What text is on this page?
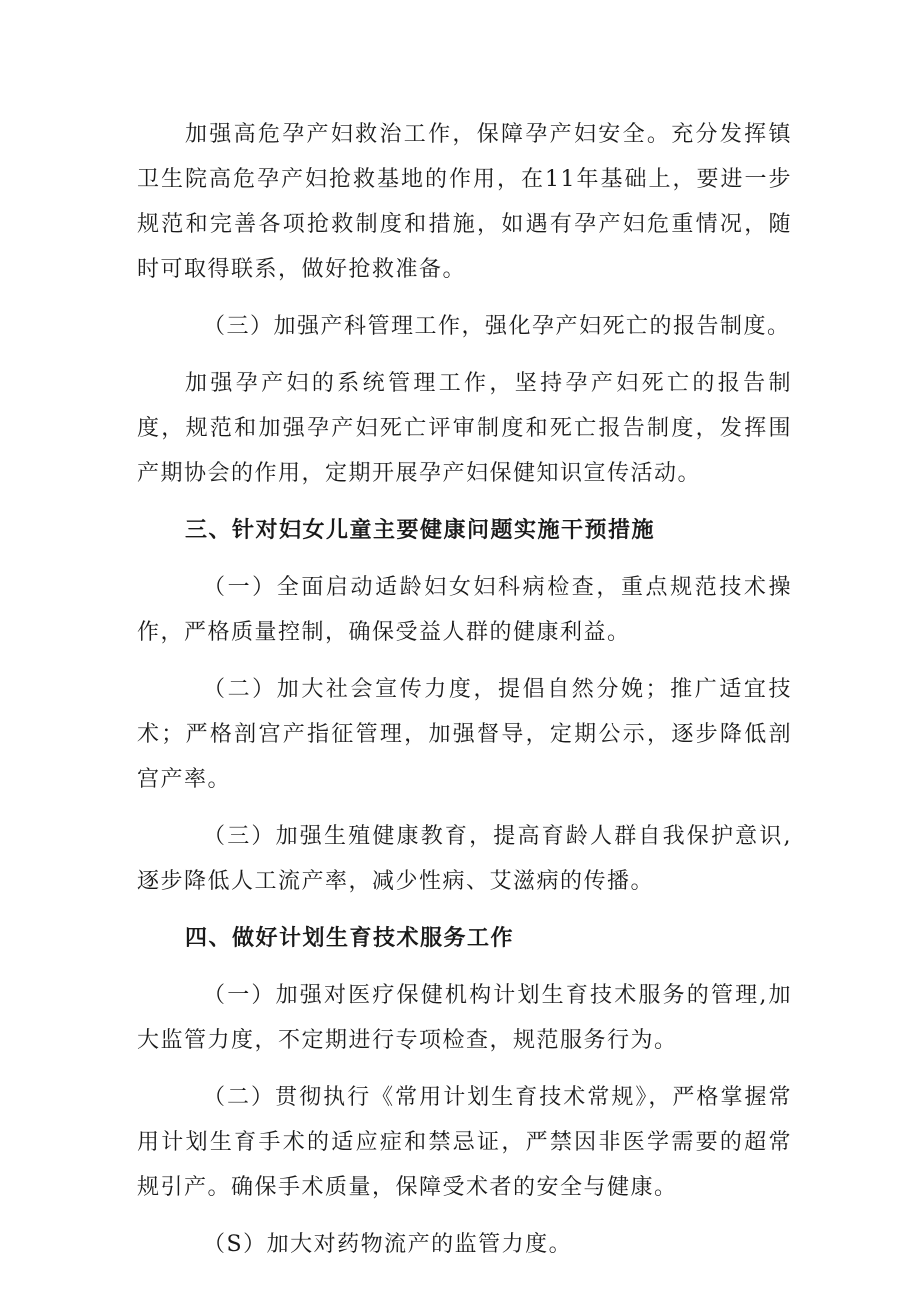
加强高危孕产妇救治工作，保障孕产妇安全。充分发挥镇卫生院高危孕产妇抢救基地的作用，在11年基础上，要进一步规范和完善各项抢救制度和措施，如遇有孕产妇危重情况，随时可取得联系，做好抢救准备。

（三）加强产科管理工作，强化孕产妇死亡的报告制度。

加强孕产妇的系统管理工作，坚持孕产妇死亡的报告制度，规范和加强孕产妇死亡评审制度和死亡报告制度，发挥围产期协会的作用，定期开展孕产妇保健知识宣传活动。

三、针对妇女儿童主要健康问题实施干预措施

（一）全面启动适龄妇女妇科病检查，重点规范技术操作，严格质量控制，确保受益人群的健康利益。

（二）加大社会宣传力度，提倡自然分娩；推广适宜技术；严格剖宫产指征管理，加强督导，定期公示，逐步降低剖宫产率。

（三）加强生殖健康教育，提高育龄人群自我保护意识,逐步降低人工流产率，减少性病、艾滋病的传播。

四、做好计划生育技术服务工作

（一）加强对医疗保健机构计划生育技术服务的管理,加大监管力度，不定期进行专项检查，规范服务行为。

（二）贯彻执行《常用计划生育技术常规》，严格掌握常用计划生育手术的适应症和禁忌证，严禁因非医学需要的超常规引产。确保手术质量，保障受术者的安全与健康。

（S）加大对药物流产的监管力度。
